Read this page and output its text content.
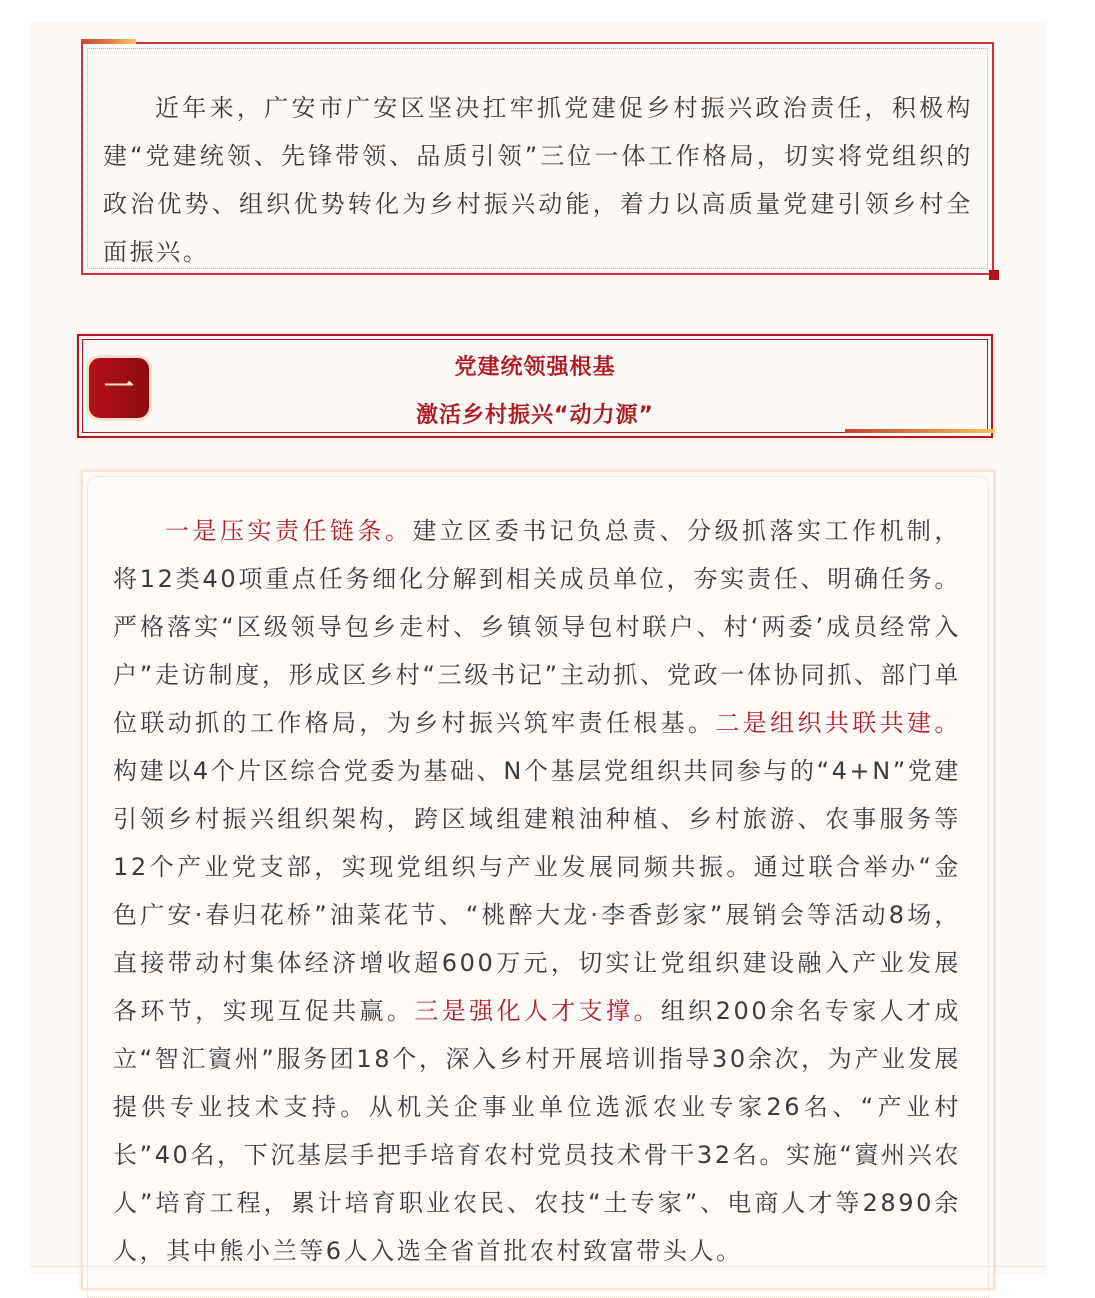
近年来，广安市广安区坚决扛牢抓党建促乡村振兴政治责任，积极构建“党建统领、先锋带领、品质引领”三位一体工作格局，切实将党组织的政治优势、组织优势转化为乡村振兴动能，着力以高质量党建引领乡村全面振兴。

一
党建统领强根基
激活乡村振兴“动力源”

一是压实责任链条。建立区委书记负总责、分级抓落实工作机制，将12类40项重点任务细化分解到相关成员单位，夯实责任、明确任务。严格落实“区级领导包乡走村、乡镇领导包村联户、村‘两委’成员经常入户”走访制度，形成区乡村“三级书记”主动抓、党政一体协同抓、部门单位联动抓的工作格局，为乡村振兴筑牢责任根基。二是组织共联共建。构建以4个片区综合党委为基础、N个基层党组织共同参与的“4+N”党建引领乡村振兴组织架构，跨区域组建粮油种植、乡村旅游、农事服务等12个产业党支部，实现党组织与产业发展同频共振。通过联合举办“金色广安·春归花桥”油菜花节、“桃醉大龙·李香彭家”展销会等活动8场，直接带动村集体经济增收超600万元，切实让党组织建设融入产业发展各环节，实现互促共赢。三是强化人才支撑。组织200余名专家人才成立“智汇賨州”服务团18个，深入乡村开展培训指导30余次，为产业发展提供专业技术支持。从机关企事业单位选派农业专家26名、“产业村长”40名，下沉基层手把手培育农村党员技术骨干32名。实施“賨州兴农人”培育工程，累计培育职业农民、农技“土专家”、电商人才等2890余人，其中熊小兰等6人入选全省首批农村致富带头人。
